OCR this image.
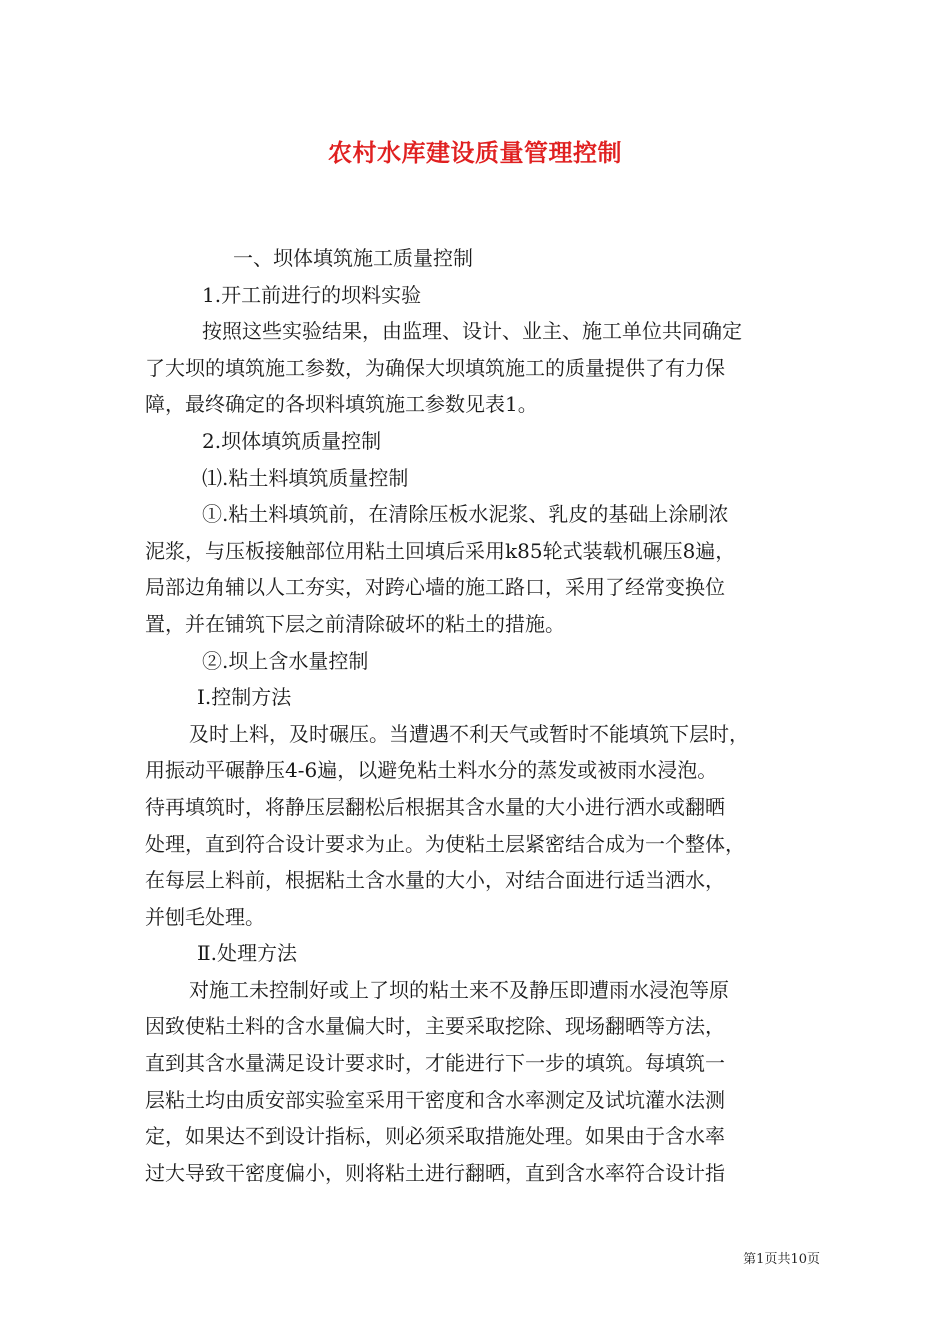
农村水库建设质量管理控制
一、坝体填筑施工质量控制
1.开工前进行的坝料实验
按照这些实验结果，由监理、设计、业主、施工单位共同确定
了大坝的填筑施工参数，为确保大坝填筑施工的质量提供了有力保
障，最终确定的各坝料填筑施工参数见表1。
2.坝体填筑质量控制
⑴.粘土料填筑质量控制
①.粘土料填筑前，在清除压板水泥浆、乳皮的基础上涂刷浓
泥浆，与压板接触部位用粘土回填后采用k85轮式装载机碾压8遍，
局部边角辅以人工夯实，对跨心墙的施工路口，采用了经常变换位
置，并在铺筑下层之前清除破坏的粘土的措施。
②.坝上含水量控制
Ⅰ.控制方法
及时上料，及时碾压。当遭遇不利天气或暂时不能填筑下层时，
用振动平碾静压4-6遍，以避免粘土料水分的蒸发或被雨水浸泡。
待再填筑时，将静压层翻松后根据其含水量的大小进行洒水或翻晒
处理，直到符合设计要求为止。为使粘土层紧密结合成为一个整体，
在每层上料前，根据粘土含水量的大小，对结合面进行适当洒水，
并刨毛处理。
Ⅱ.处理方法
对施工未控制好或上了坝的粘土来不及静压即遭雨水浸泡等原
因致使粘土料的含水量偏大时，主要采取挖除、现场翻晒等方法，
直到其含水量满足设计要求时，才能进行下一步的填筑。每填筑一
层粘土均由质安部实验室采用干密度和含水率测定及试坑灌水法测
定，如果达不到设计指标，则必须采取措施处理。如果由于含水率
过大导致干密度偏小，则将粘土进行翻晒，直到含水率符合设计指
第1页共10页
